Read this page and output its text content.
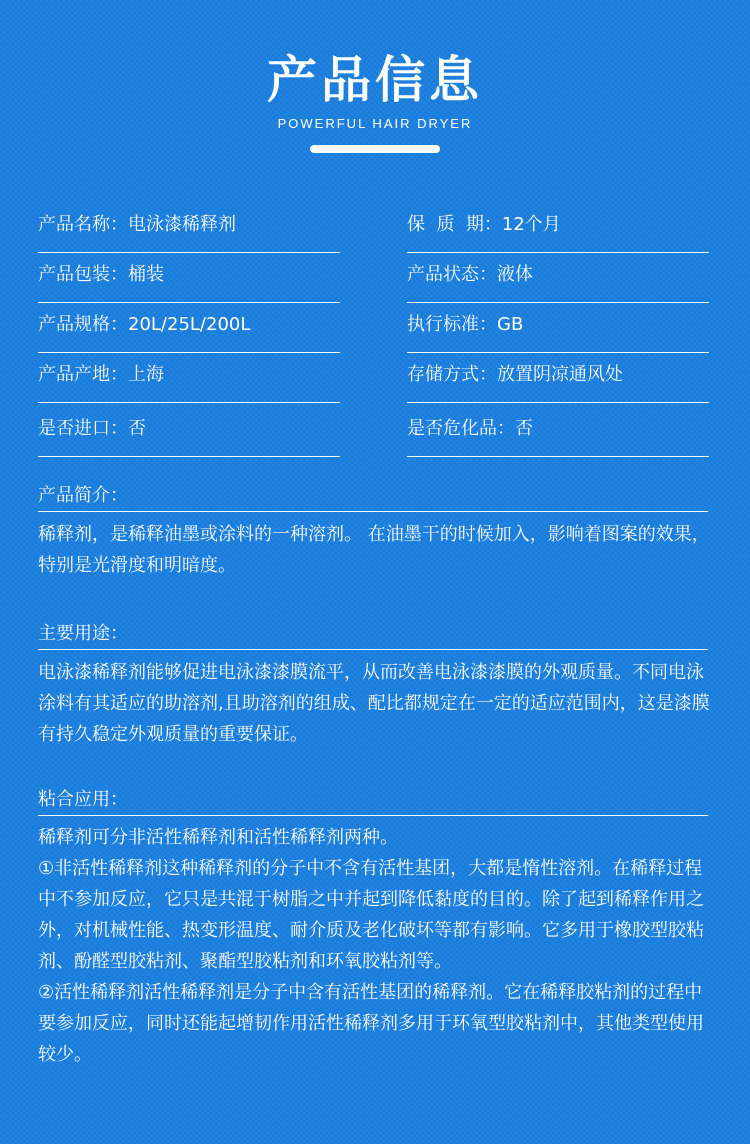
产品信息
POWERFUL HAIR DRYER
产品名称：电泳漆稀释剂
产品包装：桶装
产品规格：20L/25L/200L
产品产地：上海
是否进口：否
保  质  期：12个月
产品状态：液体
执行标准：GB
存储方式：放置阴凉通风处
是否危化品：否
产品简介：
稀释剂，是稀释油墨或涂料的一种溶剂。 在油墨干的时候加入，影响着图案的效果，特别是光滑度和明暗度。
主要用途：
电泳漆稀释剂能够促进电泳漆漆膜流平，从而改善电泳漆漆膜的外观质量。不同电泳涂料有其适应的助溶剂,且助溶剂的组成、配比都规定在一定的适应范围内，这是漆膜有持久稳定外观质量的重要保证。
粘合应用：

稀释剂可分非活性稀释剂和活性稀释剂两种。

①非活性稀释剂这种稀释剂的分子中不含有活性基团，大都是惰性溶剂。在稀释过程中不参加反应，它只是共混于树脂之中并起到降低黏度的目的。除了起到稀释作用之外，对机械性能、热变形温度、耐介质及老化破坏等都有影响。它多用于橡胶型胶粘剂、酚醛型胶粘剂、聚酯型胶粘剂和环氧胶粘剂等。

②活性稀释剂活性稀释剂是分子中含有活性基团的稀释剂。它在稀释胶粘剂的过程中要参加反应，同时还能起增韧作用活性稀释剂多用于环氧型胶粘剂中，其他类型使用较少。
